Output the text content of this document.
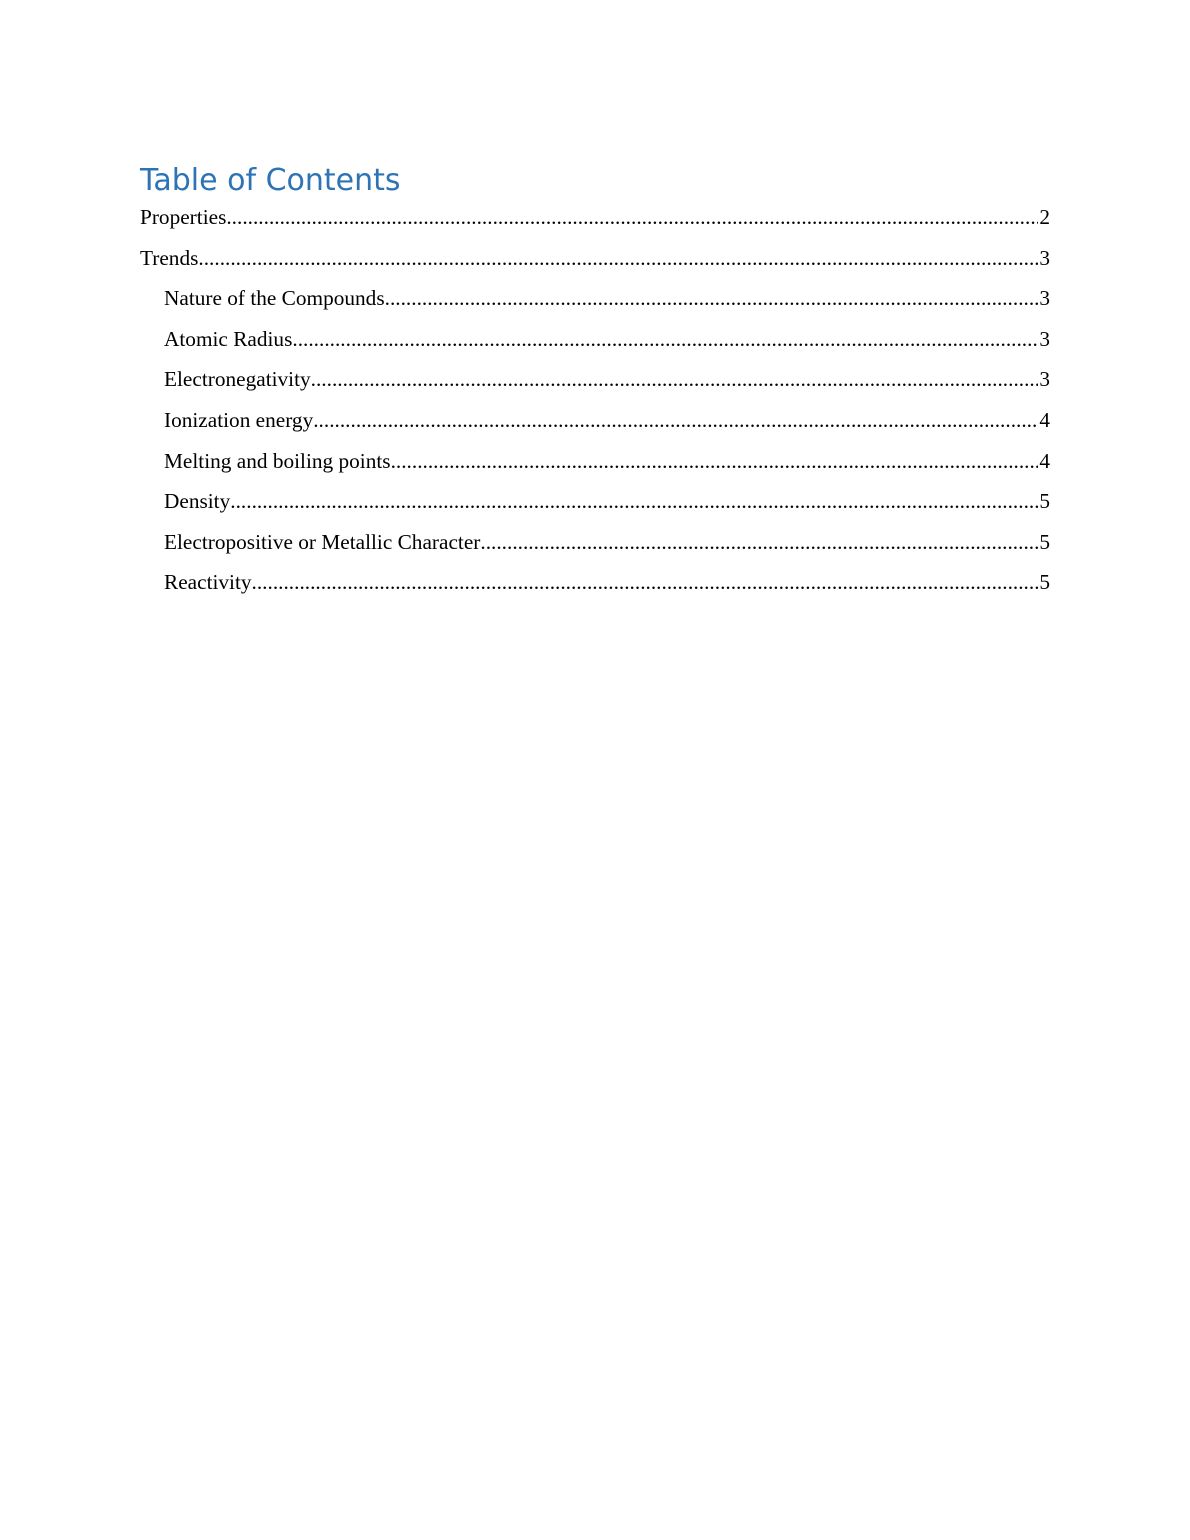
Table of Contents
Properties .....	2
Trends .....	3
Nature of the Compounds .....	3
Atomic Radius .....	3
Electronegativity .....	3
Ionization energy .....	4
Melting and boiling points .....	4
Density .....	5
Electropositive or Metallic Character .....	5
Reactivity .....	5
